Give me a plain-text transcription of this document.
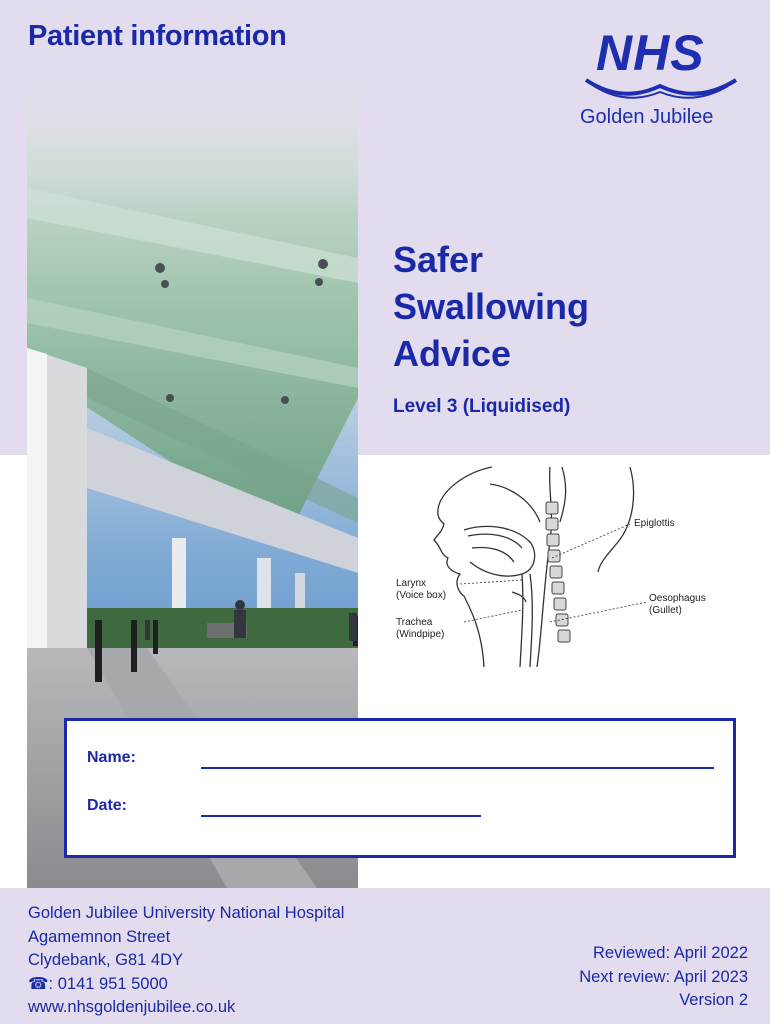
Patient information	NHS
Golden Jubilee
Safer
Swallowing
Advice
Level 3 (Liquidised)
Epiglottis
Larynx
(Voice box)
Trachea
(Windpipe)
Oesophagus
(Gullet)
Name:
Date:
Golden Jubilee University National Hospital
Agamemnon Street
Clydebank, G81 4DY
☎: 0141 951 5000
www.nhsgoldenjubilee.co.uk
Reviewed: April 2022
Next review: April 2023
Version 2
